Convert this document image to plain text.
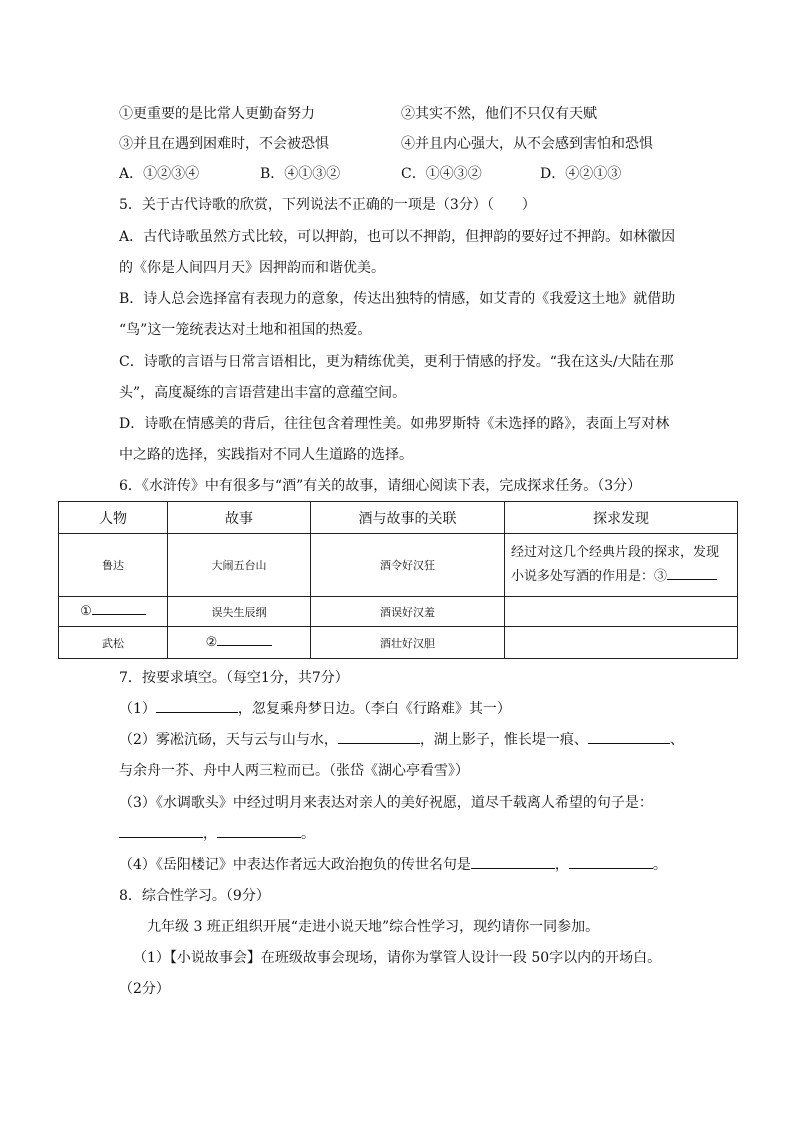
①更重要的是比常人更勤奋努力	②其实不然，他们不只仅有天赋
③并且在遇到困难时，不会被恐惧	④并且内心强大，从不会感到害怕和恐惧
A．①②③④	B．④①③②	C．①④③②	D．④②①③
5．关于古代诗歌的欣赏，下列说法不正确的一项是（3分）（　　）
A．古代诗歌虽然方式比较，可以押韵，也可以不押韵，但押韵的要好过不押韵。如林徽因
的《你是人间四月天》因押韵而和谐优美。
B．诗人总会选择富有表现力的意象，传达出独特的情感，如艾青的《我爱这土地》就借助
“鸟”这一笼统表达对土地和祖国的热爱。
C．诗歌的言语与日常言语相比，更为精练优美，更利于情感的抒发。“我在这头/大陆在那
头”，高度凝练的言语营建出丰富的意蕴空间。
D．诗歌在情感美的背后，往往包含着理性美。如弗罗斯特《未选择的路》，表面上写对林
中之路的选择，实践指对不同人生道路的选择。
6．《水浒传》中有很多与“酒”有关的故事，请细心阅读下表，完成探求任务。（3分）
人物	故事	酒与故事的关联	探求发现
鲁达	大闹五台山	酒令好汉狂	经过对这几个经典片段的探求，发现
小说多处写酒的作用是：③

①	误失生辰纲	酒误好汉羞	
武松	②	酒壮好汉胆	
7．按要求填空。（每空1分，共7分）
（1）	，忽复乘舟梦日边。（李白《行路难》其一）
（2）雾凇沆砀，天与云与山与水，	，湖上影子，惟长堤一痕、	、
与余舟一芥、舟中人两三粒而已。（张岱《湖心亭看雪》）
（3）《水调歌头》中经过明月来表达对亲人的美好祝愿，道尽千载离人希望的句子是：
，	。
（4）《岳阳楼记》中表达作者远大政治抱负的传世名句是	，	。
8．综合性学习。（9分）
九年级 3 班正组织开展“走进小说天地”综合性学习，现约请你一同参加。
（1）【小说故事会】在班级故事会现场，请你为掌管人设计一段 50字以内的开场白。
（2分）
